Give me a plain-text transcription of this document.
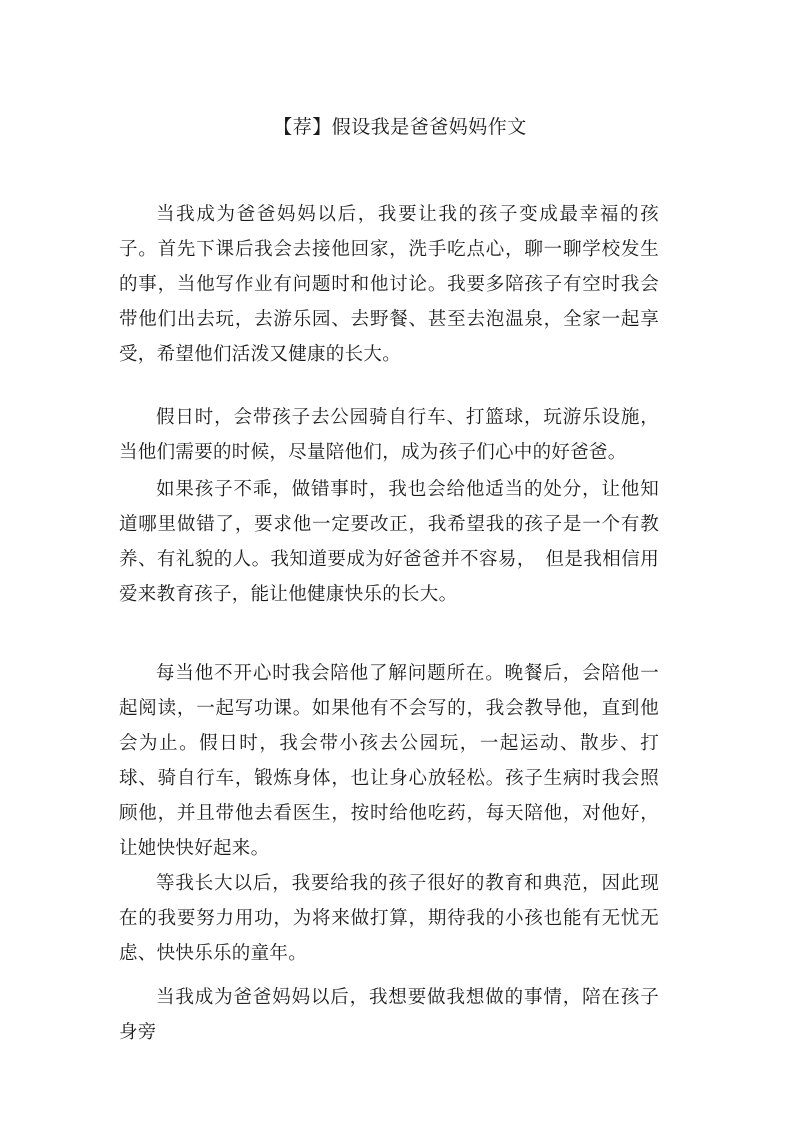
【荐】假设我是爸爸妈妈作文

当我成为爸爸妈妈以后，我要让我的孩子变成最幸福的孩子。首先下课后我会去接他回家，洗手吃点心，聊一聊学校发生的事，当他写作业有问题时和他讨论。我要多陪孩子有空时我会带他们出去玩，去游乐园、去野餐、甚至去泡温泉，全家一起享受，希望他们活泼又健康的长大。

假日时，会带孩子去公园骑自行车、打篮球，玩游乐设施，当他们需要的时候，尽量陪他们，成为孩子们心中的好爸爸。

如果孩子不乖，做错事时，我也会给他适当的处分，让他知道哪里做错了，要求他一定要改正，我希望我的孩子是一个有教养、有礼貌的人。我知道要成为好爸爸并不容易，　但是我相信用爱来教育孩子，能让他健康快乐的长大。

每当他不开心时我会陪他了解问题所在。晚餐后，会陪他一起阅读，一起写功课。如果他有不会写的，我会教导他，直到他会为止。假日时，我会带小孩去公园玩，一起运动、散步、打球、骑自行车，锻炼身体，也让身心放轻松。孩子生病时我会照顾他，并且带他去看医生，按时给他吃药，每天陪他，对他好，让她快快好起来。

等我长大以后，我要给我的孩子很好的教育和典范，因此现在的我要努力用功，为将来做打算，期待我的小孩也能有无忧无虑、快快乐乐的童年。

当我成为爸爸妈妈以后，我想要做我想做的事情，陪在孩子身旁
